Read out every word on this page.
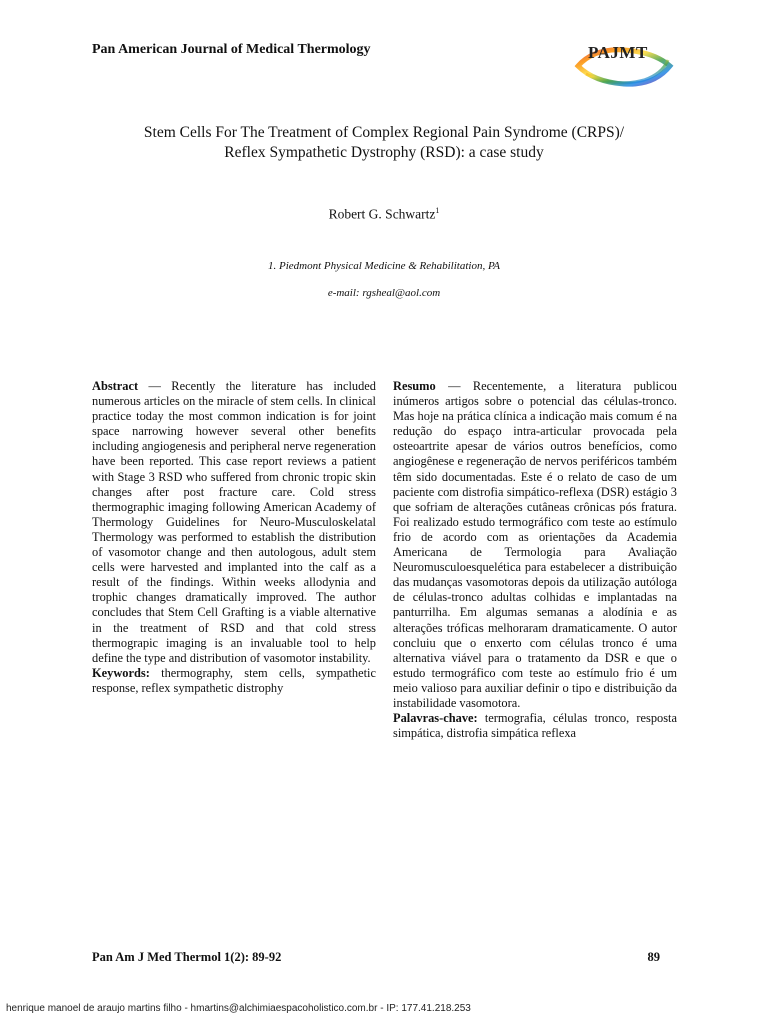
Pan American Journal of Medical Thermology	PAJMT
Stem Cells For The Treatment of Complex Regional Pain Syndrome (CRPS)/
Reflex Sympathetic Dystrophy (RSD): a case study
Robert G. Schwartz$^1$
1. Piedmont Physical Medicine & Rehabilitation, PA
e-mail: rgsheal@aol.com

Abstract — Recently the literature has included numerous articles on the miracle of stem cells. In clinical practice today the most common indication is for joint space narrowing however several other benefits including angiogenesis and peripheral nerve regeneration have been reported. This case report reviews a patient with Stage 3 RSD who suffered from chronic tropic skin changes after post fracture care. Cold stress thermographic imaging following American Academy of Thermology Guidelines for Neuro-Musculoskelatal Thermology was performed to establish the distribution of vasomotor change and then autologous, adult stem cells were harvested and implanted into the calf as a result of the findings. Within weeks allodynia and trophic changes dramatically improved. The author concludes that Stem Cell Grafting is a viable alternative in the treatment of RSD and that cold stress thermograpic imaging is an invaluable tool to help define the type and distribution of vasomotor instability.

Keywords: thermography, stem cells, sympathetic response, reflex sympathetic distrophy

Resumo — Recentemente, a literatura publicou inúmeros artigos sobre o potencial das células-tronco. Mas hoje na prática clínica a indicação mais comum é na redução do espaço intra-articular provocada pela osteoartrite apesar de vários outros benefícios, como angiogênese e regeneração de nervos periféricos também têm sido documentadas. Este é o relato de caso de um paciente com distrofia simpático-reflexa (DSR) estágio 3 que sofriam de alterações cutâneas crônicas pós fratura. Foi realizado estudo termográfico com teste ao estímulo frio de acordo com as orientações da Academia Americana de Termologia para Avaliação Neuromusculoesquelética para estabelecer a distribuição das mudanças vasomotoras depois da utilização autóloga de células-tronco adultas colhidas e implantadas na panturrilha. Em algumas semanas a alodínia e as alterações tróficas melhoraram dramaticamente. O autor concluiu que o enxerto com células tronco é uma alternativa viável para o tratamento da DSR e que o estudo termográfico com teste ao estímulo frio é um meio valioso para auxiliar definir o tipo e distribuição da instabilidade vasomotora.

Palavras-chave: termografia, células tronco, resposta simpática, distrofia simpática reflexa

Pan Am J Med Thermol 1(2): 89-92	89
henrique manoel de araujo martins filho - hmartins@alchimiaespacoholistico.com.br - IP: 177.41.218.253
